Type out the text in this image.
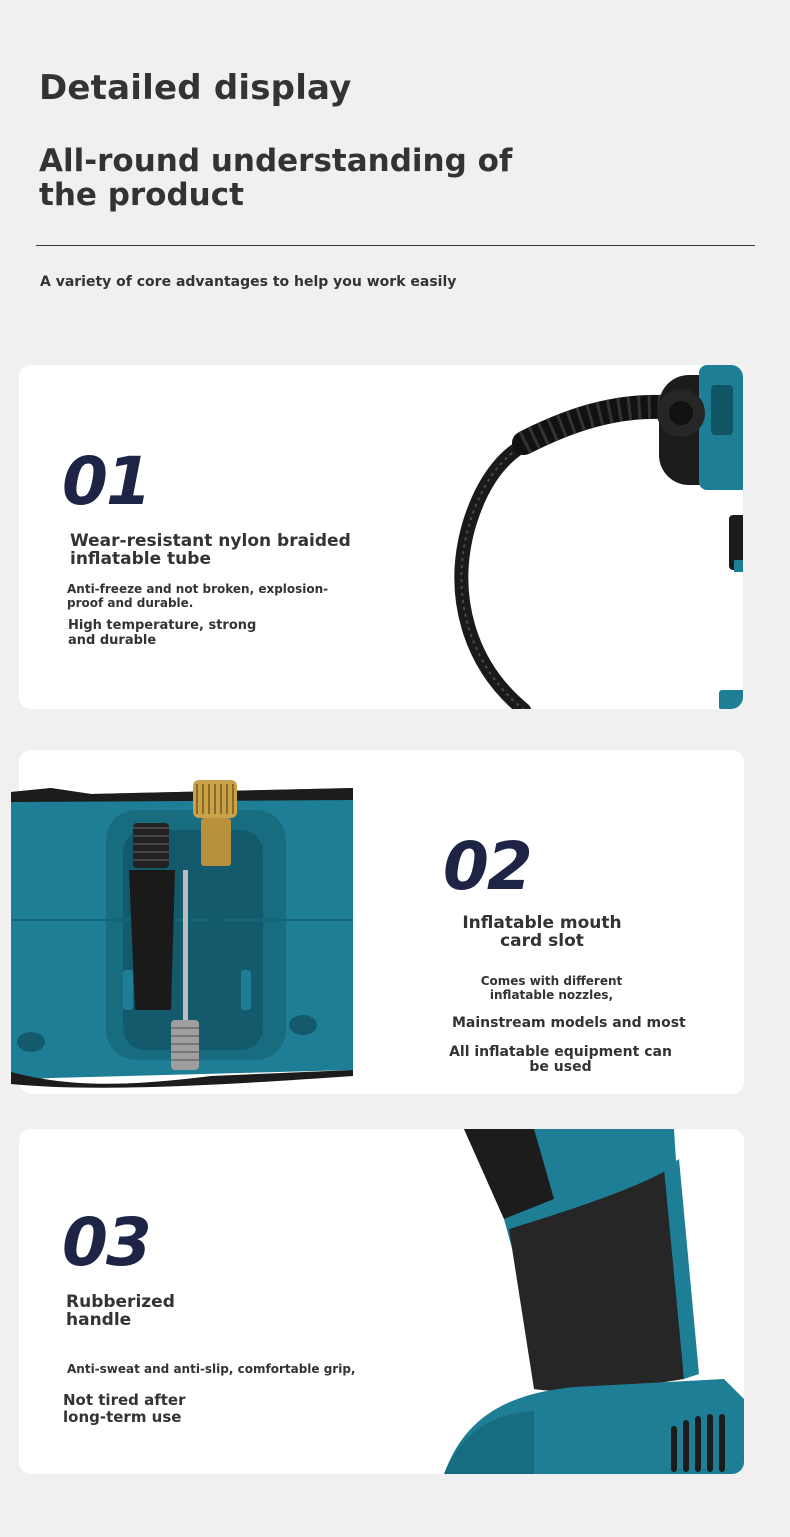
Detailed display
All-round understanding of the product
A variety of core advantages to help you work easily
01
Wear-resistant nylon braided inflatable tube
Anti-freeze and not broken, explosion-proof and durable.
High temperature, strong and durable
02
Inflatable mouth card slot
Comes with different inflatable nozzles,
Mainstream models and most
All inflatable equipment can be used
03
Rubberized handle
Anti-sweat and anti-slip, comfortable grip,
Not tired after long-term use
